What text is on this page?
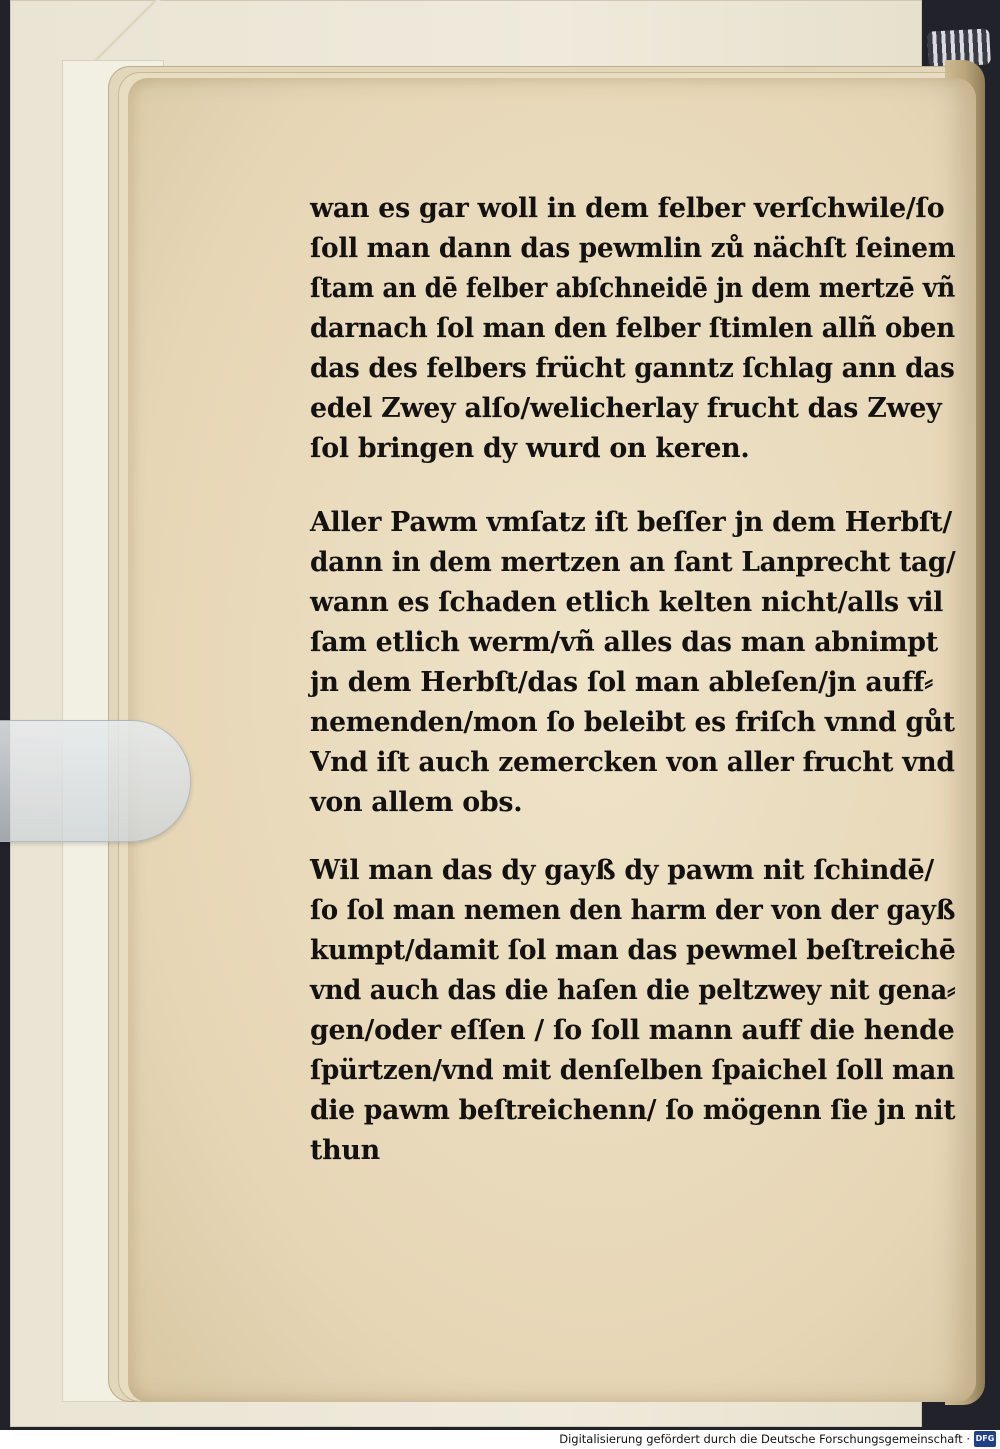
wan es gar woll in dem felber verſchwile/ſo
ſoll man dann das pewmlin zů nächſt ſeinem
ſtam an dē felber abſchneidē jn dem mertzē vñ
darnach ſol man den felber ſtimlen allñ oben
das des felbers frücht ganntz ſchlag ann das
edel Zwey alſo/welicherlay frucht das Zwey
ſol bringen dy wurd on keren.
Aller Pawm vmſatz iſt beſſer jn dem Herbſt/
dann in dem mertzen an ſant Lanprecht tag/
wann es ſchaden etlich kelten nicht/alls vil
ſam etlich werm/vñ alles das man abnimpt
jn dem Herbſt/das ſol man ableſen/jn auff⸗
nemenden/mon ſo beleibt es friſch vnnd gůt
Vnd iſt auch zemercken von aller frucht vnd
von allem obs.
Wil man das dy gayß dy pawm nit ſchindē/
ſo ſol man nemen den harm der von der gayß
kumpt/damit ſol man das pewmel beſtreichē
vnd auch das die haſen die peltzwey nit gena⸗
gen/oder eſſen / ſo ſoll mann auff die hende
ſpürtzen/vnd mit denſelben ſpaichel ſoll man
die pawm beſtreichenn/ ſo mögenn ſie jn nit
thun
Digitalisierung gefördert durch die Deutsche Forschungsgemeinschaft · DFG
